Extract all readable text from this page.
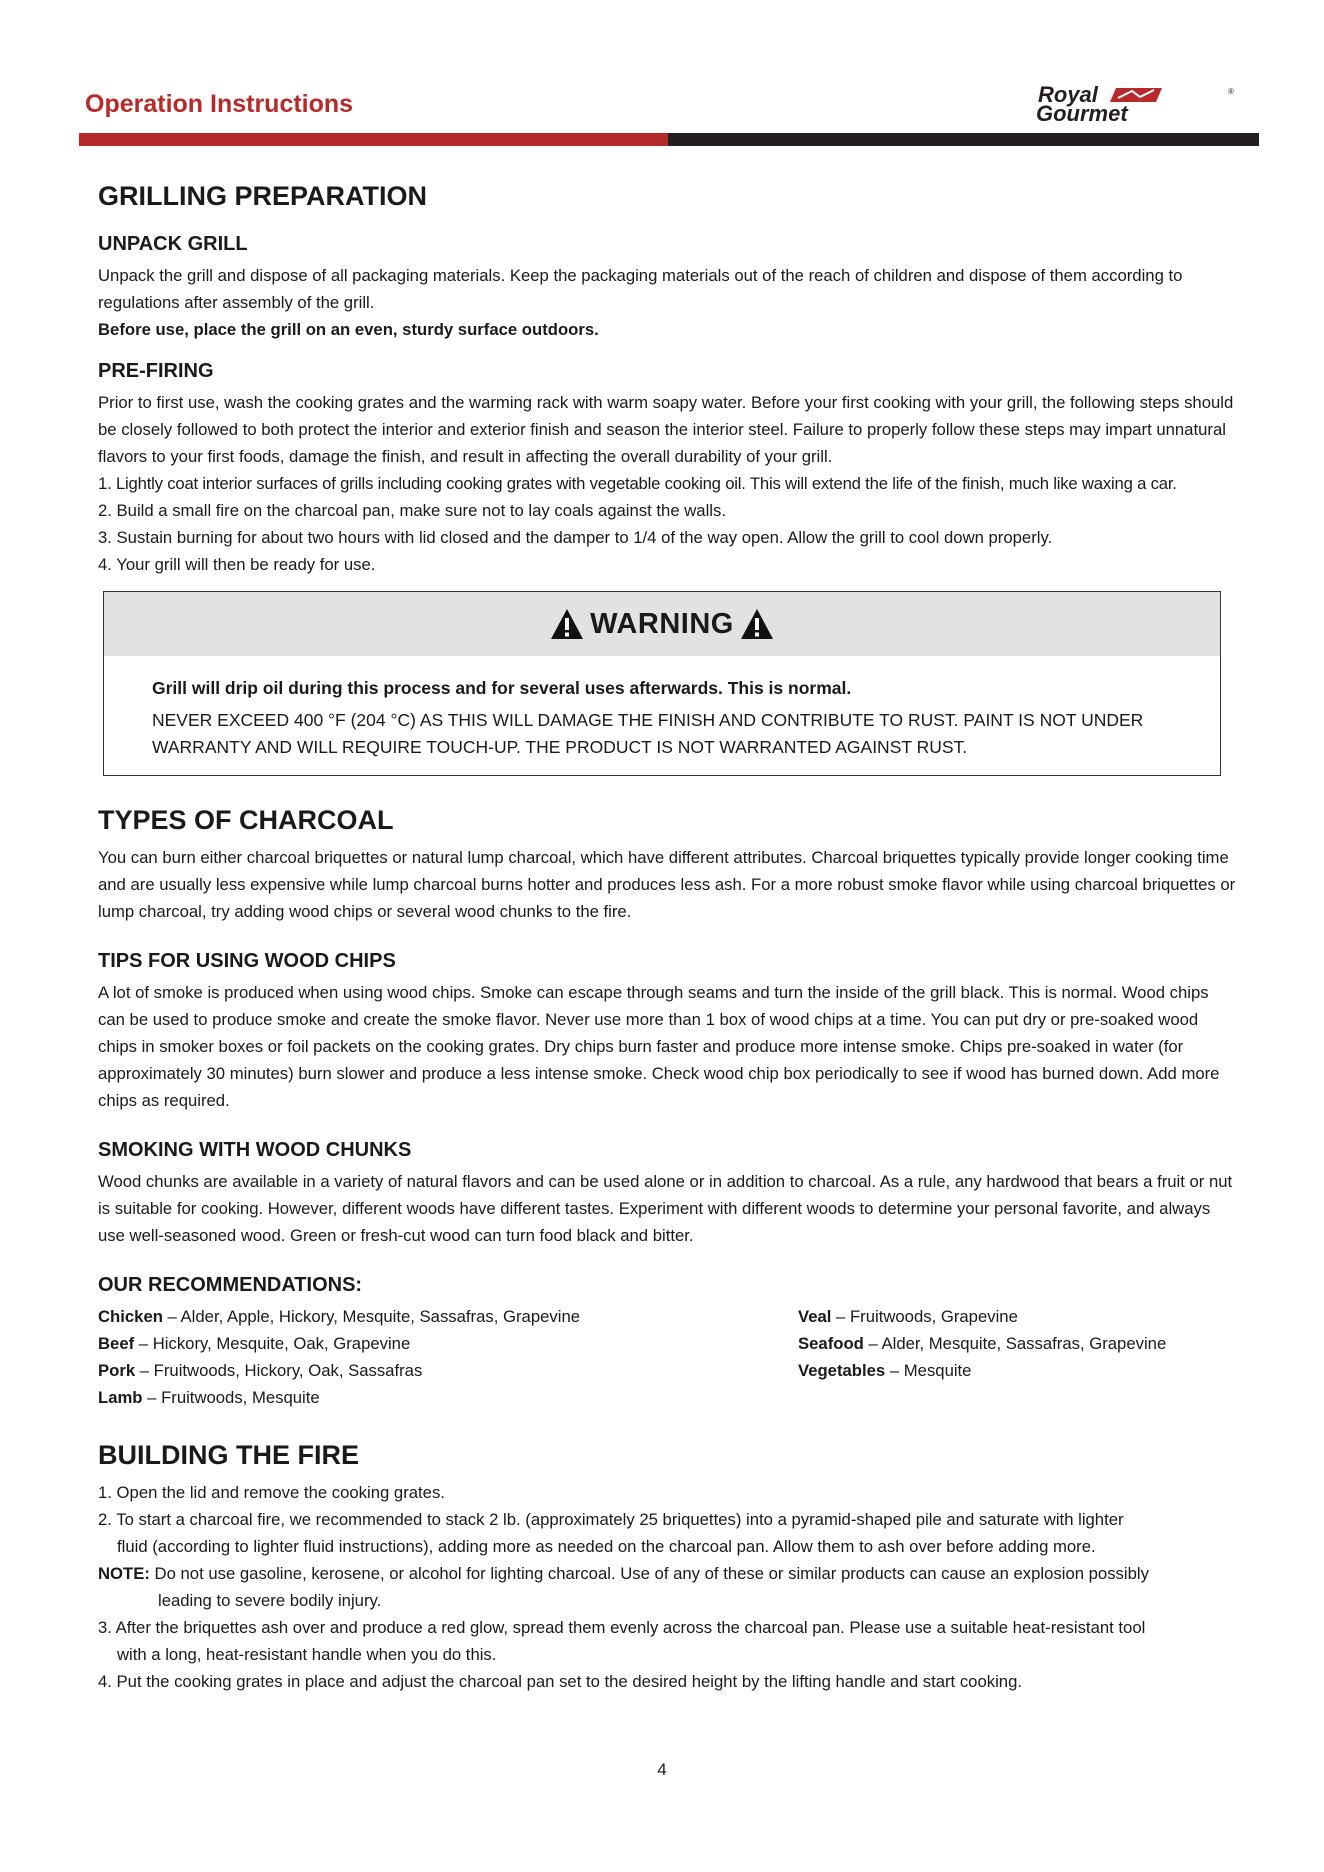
Operation Instructions	Royal
Gourmet
®
GRILLING PREPARATION
UNPACK GRILL

Unpack the grill and dispose of all packaging materials. Keep the packaging materials out of the reach of children and dispose of them according to regulations after assembly of the grill.

Before use, place the grill on an even, sturdy surface outdoors.

PRE-FIRING

Prior to first use, wash the cooking grates and the warming rack with warm soapy water. Before your first cooking with your grill, the following steps should be closely followed to both protect the interior and exterior finish and season the interior steel. Failure to properly follow these steps may impart unnatural flavors to your first foods, damage the finish, and result in affecting the overall durability of your grill.

1. Lightly coat interior surfaces of grills including cooking grates with vegetable cooking oil. This will extend the life of the finish, much like waxing a car.

2. Build a small fire on the charcoal pan, make sure not to lay coals against the walls.

3. Sustain burning for about two hours with lid closed and the damper to 1/4 of the way open. Allow the grill to cool down properly.

4. Your grill will then be ready for use.

WARNING

Grill will drip oil during this process and for several uses afterwards. This is normal.

NEVER EXCEED 400 °F (204 °C) AS THIS WILL DAMAGE THE FINISH AND CONTRIBUTE TO RUST. PAINT IS NOT UNDER WARRANTY AND WILL REQUIRE TOUCH-UP. THE PRODUCT IS NOT WARRANTED AGAINST RUST.

TYPES OF CHARCOAL

You can burn either charcoal briquettes or natural lump charcoal, which have different attributes. Charcoal briquettes typically provide longer cooking time and are usually less expensive while lump charcoal burns hotter and produces less ash. For a more robust smoke flavor while using charcoal briquettes or lump charcoal, try adding wood chips or several wood chunks to the fire.

TIPS FOR USING WOOD CHIPS

A lot of smoke is produced when using wood chips. Smoke can escape through seams and turn the inside of the grill black. This is normal. Wood chips can be used to produce smoke and create the smoke flavor. Never use more than 1 box of wood chips at a time. You can put dry or pre-soaked wood chips in smoker boxes or foil packets on the cooking grates. Dry chips burn faster and produce more intense smoke. Chips pre-soaked in water (for approximately 30 minutes) burn slower and produce a less intense smoke. Check wood chip box periodically to see if wood has burned down. Add more chips as required.

SMOKING WITH WOOD CHUNKS

Wood chunks are available in a variety of natural flavors and can be used alone or in addition to charcoal. As a rule, any hardwood that bears a fruit or nut is suitable for cooking. However, different woods have different tastes. Experiment with different woods to determine your personal favorite, and always use well-seasoned wood. Green or fresh-cut wood can turn food black and bitter.

OUR RECOMMENDATIONS:

Chicken – Alder, Apple, Hickory, Mesquite, Sassafras, Grapevine

Beef – Hickory, Mesquite, Oak, Grapevine

Pork – Fruitwoods, Hickory, Oak, Sassafras

Lamb – Fruitwoods, Mesquite

Veal – Fruitwoods, Grapevine

Seafood – Alder, Mesquite, Sassafras, Grapevine

Vegetables – Mesquite

BUILDING THE FIRE

1. Open the lid and remove the cooking grates.

2. To start a charcoal fire, we recommended to stack 2 lb. (approximately 25 briquettes) into a pyramid-shaped pile and saturate with lighter

fluid (according to lighter fluid instructions), adding more as needed on the charcoal pan. Allow them to ash over before adding more.

NOTE: Do not use gasoline, kerosene, or alcohol for lighting charcoal. Use of any of these or similar products can cause an explosion possibly

leading to severe bodily injury.

3. After the briquettes ash over and produce a red glow, spread them evenly across the charcoal pan. Please use a suitable heat-resistant tool

with a long, heat-resistant handle when you do this.

4. Put the cooking grates in place and adjust the charcoal pan set to the desired height by the lifting handle and start cooking.

4
